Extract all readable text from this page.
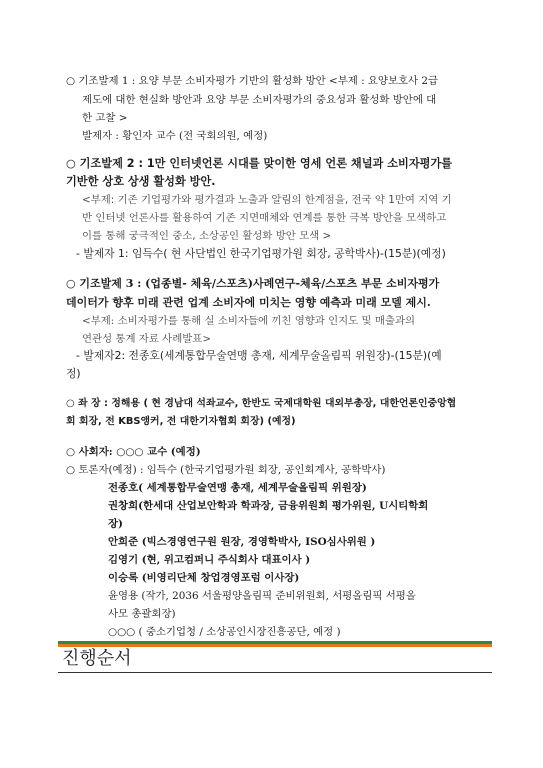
○ 기조발제 1 : 요양 부문 소비자평가 기반의 활성화 방안 <부제 : 요양보호사 2급
제도에 대한 현실화 방안과 요양 부문 소비자평가의 중요성과 활성화 방안에 대
한 고찰 >
발제자 : 황인자 교수 (전 국회의원, 예정)
○ 기조발제 2 : 1만 인터넷언론 시대를 맞이한 영세 언론 채널과 소비자평가를
기반한 상호 상생 활성화 방안.
<부제: 기존 기업평가와 평가결과 노출과 알림의 한계점을, 전국 약 1만여 지역 기
반 인터넷 언론사를 활용하여 기존 지면매체와 연계를 통한 극복 방안을 모색하고
이를 통해 궁극적인 중소, 소상공인 활성화 방안 모색 >
- 발제자 1: 임득수( 현 사단법인 한국기업평가원 회장, 공학박사)-(15분)(예정)
○ 기조발제 3 : (업종별- 체육/스포츠)사례연구-체육/스포츠 부문 소비자평가
데이터가 향후 미래 관련 업계 소비자에 미치는 영향 예측과 미래 모델 제시.
<부제: 소비자평가를 통해 실 소비자들에 끼친 영향과 인지도 및 매출과의
연관성 통계 자료 사례발표>
- 발제자2: 전종호(세계통합무술연맹 총재, 세계무술올림픽 위원장)-(15분)(예
정)
○ 좌 장 : 정해용 ( 현 경남대 석좌교수, 한반도 국제대학원 대외부총장, 대한언론인중앙협
회 회장, 전 KBS앵커, 전 대한기자협회 회장) (예정)
○ 사회자: ○○○ 교수 (예정)
○ 토론자(예정) : 임득수 (한국기업평가원 회장, 공인회계사, 공학박사)
전종호( 세계통합무술연맹 총재, 세계무술올림픽 위원장)
권창희(한세대 산업보안학과 학과장, 금융위원회 평가위원, U시티학회
장)
안희준 (빅스경영연구원 원장, 경영학박사, ISO심사위원 )
김영기 (현, 위고컴퍼니 주식회사 대표이사 )
이승록 (비영리단체 창업경영포럼 이사장)
윤영용 (작가, 2036 서울평양올림픽 준비위원회, 서평올림픽 서평올
사모 총괄회장)
○○○ ( 중소기업청 / 소상공인시장진흥공단, 예정 )
진행순서
